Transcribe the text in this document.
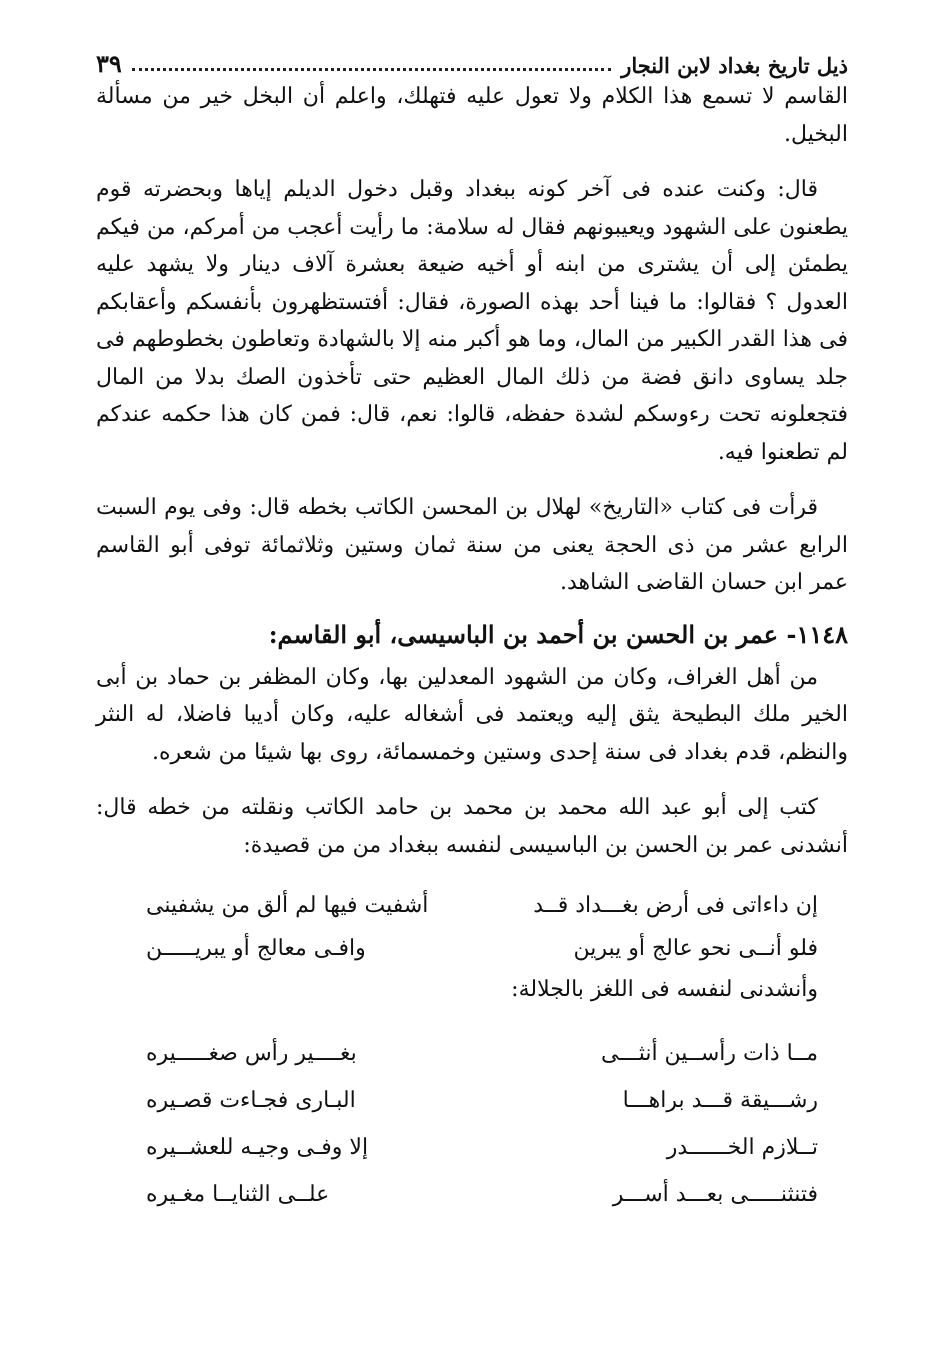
ذيل تاريخ بغداد لابن النجار
٣٩

القاسم لا تسمع هذا الكلام ولا تعول عليه فتهلك، واعلم أن البخل خير من مسألة البخيل.

قال: وكنت عنده فى آخر كونه ببغداد وقبل دخول الديلم إياها وبحضرته قوم يطعنون على الشهود ويعيبونهم فقال له سلامة: ما رأيت أعجب من أمركم، من فيكم يطمئن إلى أن يشترى من ابنه أو أخيه ضيعة بعشرة آلاف دينار ولا يشهد عليه العدول ؟ فقالوا: ما فينا أحد بهذه الصورة، فقال: أفتستظهرون بأنفسكم وأعقابكم فى هذا القدر الكبير من المال، وما هو أكبر منه إلا بالشهادة وتعاطون بخطوطهم فى جلد يساوى دانق فضة من ذلك المال العظيم حتى تأخذون الصك بدلا من المال فتجعلونه تحت رءوسكم لشدة حفظه، قالوا: نعم، قال: فمن كان هذا حكمه عندكم لم تطعنوا فيه.

قرأت فى كتاب «التاريخ» لهلال بن المحسن الكاتب بخطه قال: وفى يوم السبت الرابع عشر من ذى الحجة يعنى من سنة ثمان وستين وثلاثمائة توفى أبو القاسم عمر ابن حسان القاضى الشاهد.

١١٤٨- عمر بن الحسن بن أحمد بن الباسيسى، أبو القاسم:

من أهل الغراف، وكان من الشهود المعدلين بها، وكان المظفر بن حماد بن أبى الخير ملك البطيحة يثق إليه ويعتمد فى أشغاله عليه، وكان أديبا فاضلا، له النثر والنظم، قدم بغداد فى سنة إحدى وستين وخمسمائة، روى بها شيئا من شعره.

كتب إلى أبو عبد الله محمد بن محمد بن حامد الكاتب ونقلته من خطه قال: أنشدنى عمر بن الحسن بن الباسيسى لنفسه ببغداد من من قصيدة:

إن داءاتى فى أرض بغـــداد قــد
أشفيت فيها لم ألق من يشفينى
فلو أنــى نحو عالج أو يبرين
وافـى معالج أو يبريـــــن

وأنشدنى لنفسه فى اللغز بالجلالة:

مــا ذات رأســين أنثـــى
بغــــير رأس صغـــــيره
رشـــيقة قـــد براهـــا
البـارى فجـاءت قصـيره
تــلازم الخــــــدر
إلا وفـى وجيـه للعشــيره
فتنثنـــــى بعـــد أســـر
علــى الثنايــا مغـيره
